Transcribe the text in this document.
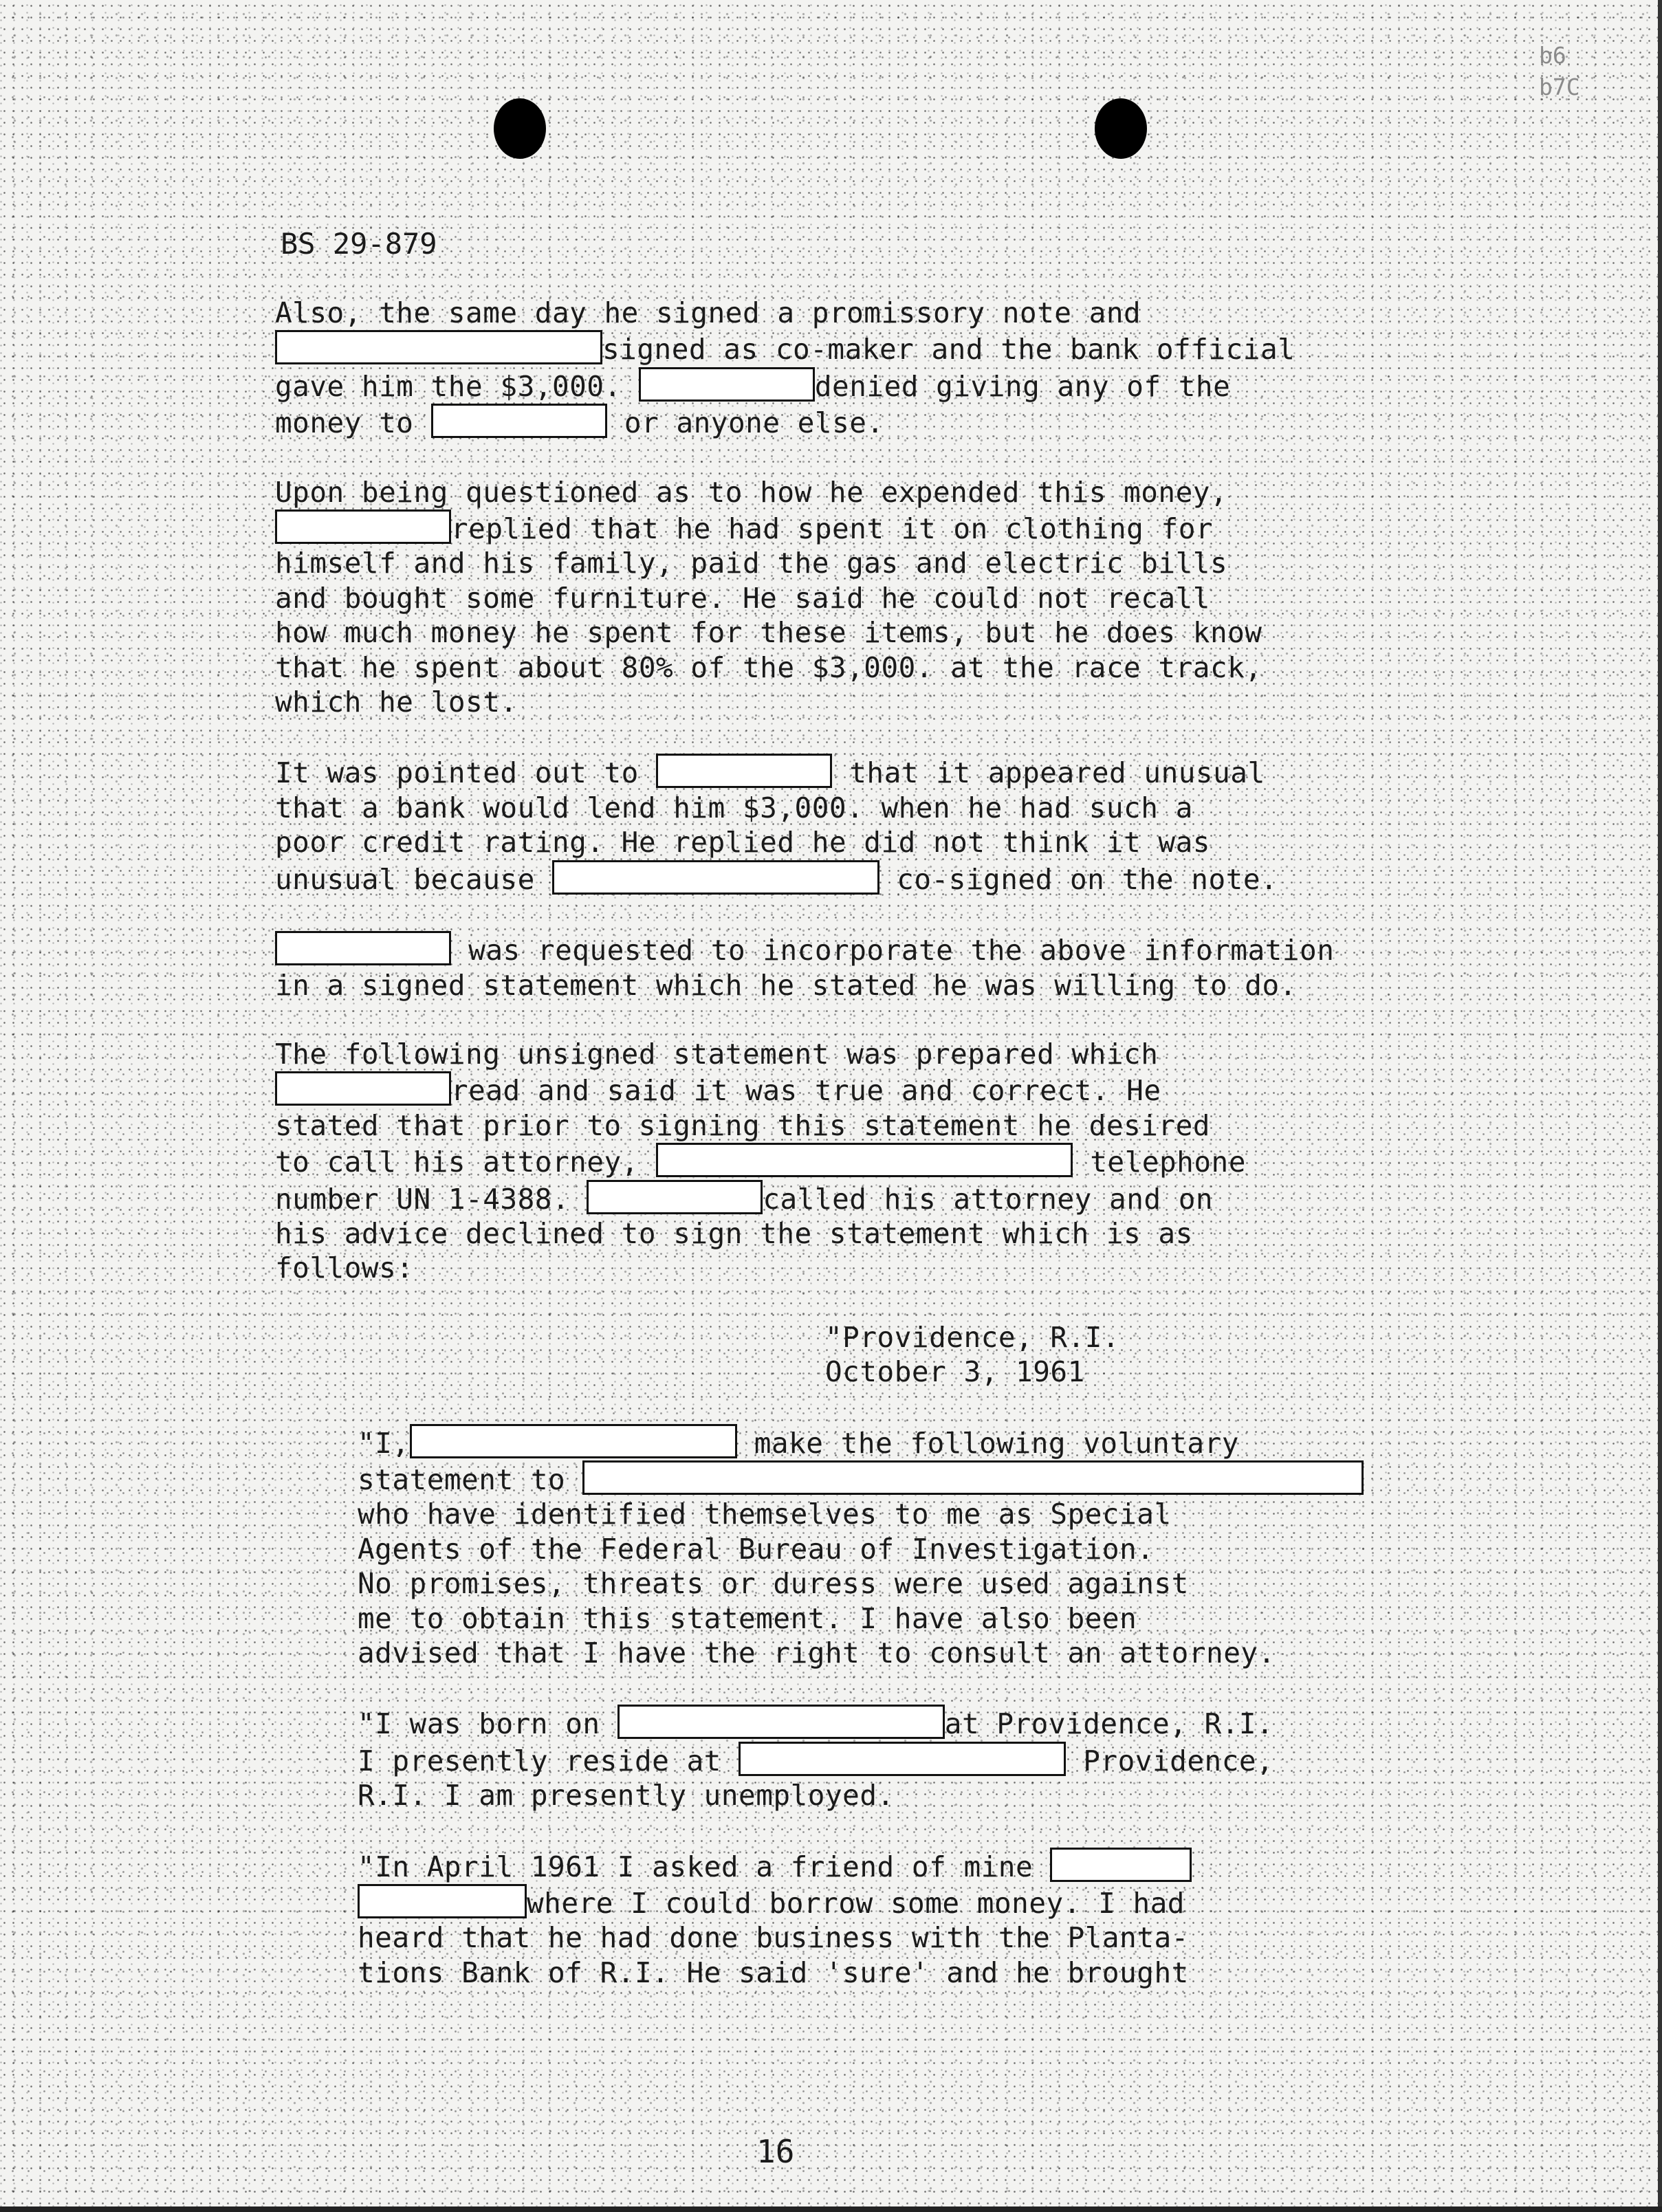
b6
b7C
BS 29-879
Also, the same day he signed a promissory note and
signed as co-maker and the bank official
gave him the $3,000.	denied giving any of the
money to	or anyone else.
Upon being questioned as to how he expended this money,
replied that he had spent it on clothing for
himself and his family, paid the gas and electric bills
and bought some furniture. He said he could not recall
how much money he spent for these items, but he does know
that he spent about 80% of the $3,000. at the race track,
which he lost.
It was pointed out to	that it appeared unusual
that a bank would lend him $3,000. when he had such a
poor credit rating. He replied he did not think it was
unusual because	co-signed on the note.
was requested to incorporate the above information
in a signed statement which he stated he was willing to do.
The following unsigned statement was prepared which
read and said it was true and correct. He
stated that prior to signing this statement he desired
to call his attorney,	telephone
number UN 1-4388.	called his attorney and on
his advice declined to sign the statement which is as
follows:
"Providence, R.I.
October 3, 1961
"I,	make the following voluntary
statement to
who have identified themselves to me as Special
Agents of the Federal Bureau of Investigation.
No promises, threats or duress were used against
me to obtain this statement. I have also been
advised that I have the right to consult an attorney.
"I was born on	at Providence, R.I.
I presently reside at	Providence,
R.I. I am presently unemployed.
"In April 1961 I asked a friend of mine
where I could borrow some money. I had
heard that he had done business with the Planta-
tions Bank of R.I. He said 'sure' and he brought
16
